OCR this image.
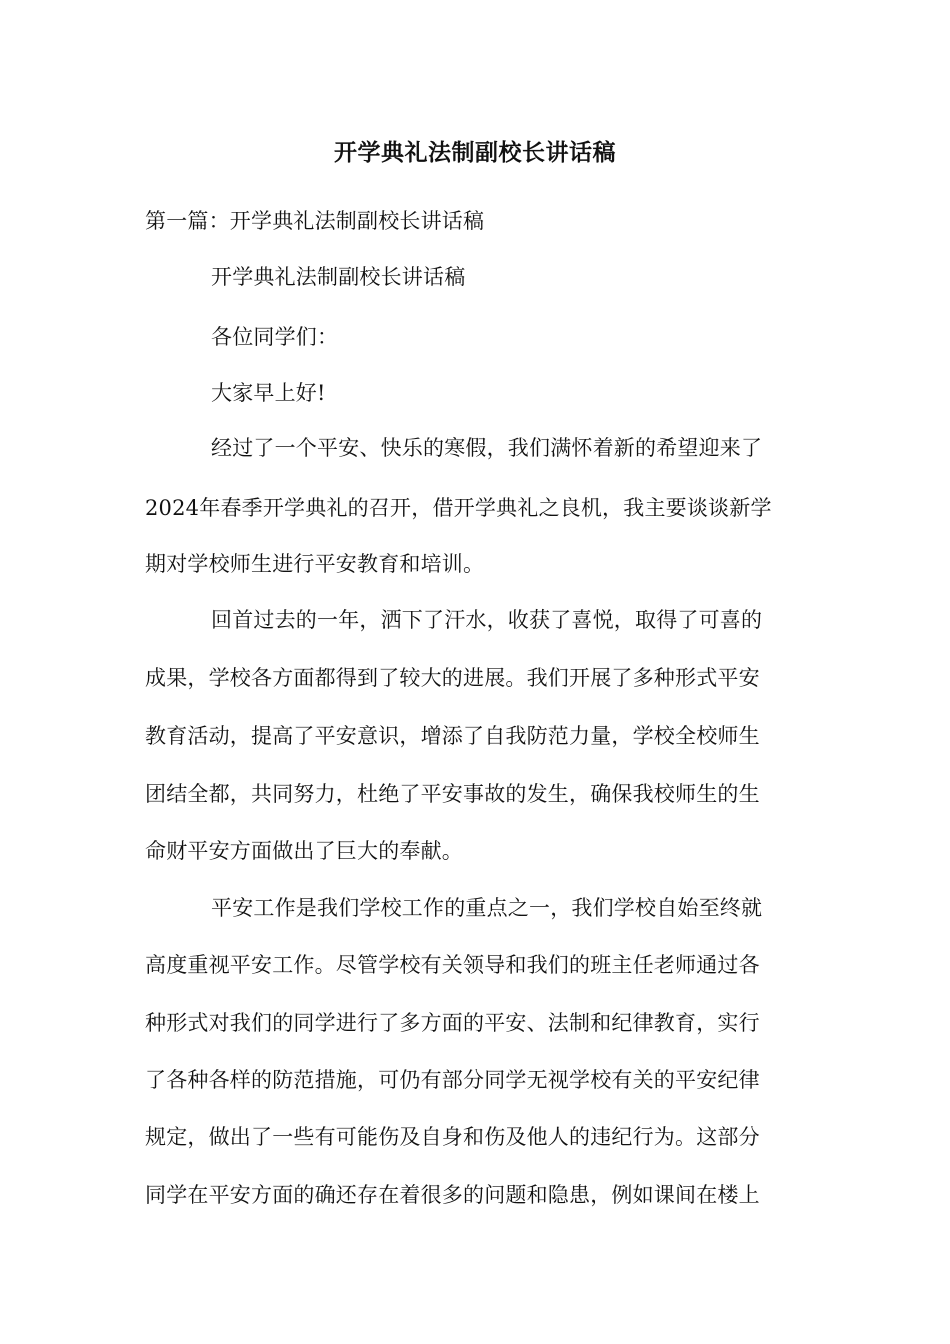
开学典礼法制副校长讲话稿
第一篇：开学典礼法制副校长讲话稿
开学典礼法制副校长讲话稿
各位同学们：
大家早上好!
经过了一个平安、快乐的寒假，我们满怀着新的希望迎来了
2024年春季开学典礼的召开，借开学典礼之良机，我主要谈谈新学
期对学校师生进行平安教育和培训。
回首过去的一年，洒下了汗水，收获了喜悦，取得了可喜的
成果，学校各方面都得到了较大的进展。我们开展了多种形式平安
教育活动，提高了平安意识，增添了自我防范力量，学校全校师生
团结全都，共同努力，杜绝了平安事故的发生，确保我校师生的生
命财平安方面做出了巨大的奉献。
平安工作是我们学校工作的重点之一，我们学校自始至终就
高度重视平安工作。尽管学校有关领导和我们的班主任老师通过各
种形式对我们的同学进行了多方面的平安、法制和纪律教育，实行
了各种各样的防范措施，可仍有部分同学无视学校有关的平安纪律
规定，做出了一些有可能伤及自身和伤及他人的违纪行为。这部分
同学在平安方面的确还存在着很多的问题和隐患，例如课间在楼上
